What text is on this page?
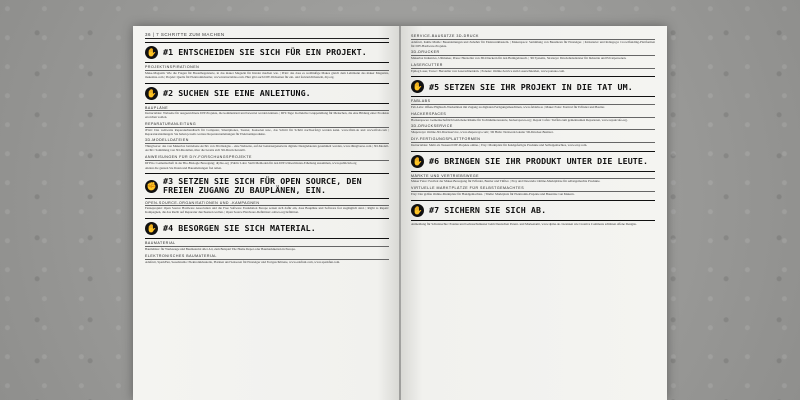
36 | 7 SCHRITTE ZUM MACHEN
✋ #1 ENTSCHEIDEN SIE SICH FÜR EIN PROJEKT.
PROJEKTINSPIRATIONEN
Make-Magazin: Wie die Fragen für Bastelbegeisterte, in das maker Magazin für Kinder machen wie. | Print: das dass es weitläufige Makes gleich dem Lehrmann das maker Magazins, makezine.com | Projekt: Quelle für Elektronikbastler, www.instructables.com. Hier gibt auch DIY-Webseiten für ein- und fortzurichtbasteln, diy.org.
✋ #2 SUCHEN SIE EINE ANLEITUNG.
BAUPLÄNE
Instructables: Webseite für ausgezeichnete DIY-Projekte, die kommentiert und bewertet werden können. | DIY-Tage: Kollektive Gruppentilung für Menschen, die eine Bildung einer Produkte erreichen wollen.
REPARATURANLEITUNG
iFixit: Das weltweite Reparaturhandbuch für Computer, Smartphones, Toaster, Konsolen usw., das Schritt für Schritt nachverfolgt werden kann. www.ifixit.de und www.ifixit.com | Reparaturanleitungen: Sie haben jeweils weitere Reparaturanleitungen für Elektronikprodukte.
3D-MODELLDATEIEN
Thingiverse: das von Makerbot betriebene Archiv von 3D-Designs – eine Webseite, auf der benutzergenerierte digitale Designdateien gesammelt werden, www.thingiverse.com | 3D-Modell-Archiv: Sammlung von 3D-Modellen, über die bereits sich 3D-Druck herstellt.
ANWEISUNGEN FÜR DIY-FORSCHUNGSPROJEKTE
DIYbio: Gemeinschaft in der Bio-Biologie Bewegung; diybio.org | Public Labs: Stellt Methoden für den DIY-Umweltdaten-Erhebung zusammen, www.publiclab.org
Aktion die ganzen Sie Daten und Bauanleitungen frei teilen.
✊ #3 SETZEN SIE SICH FÜR OPEN SOURCE, DEN FREIEN ZUGANG ZU BAUPLÄNEN, EIN.
OPEN-SOURCE-ORGANISATIONEN UND -KAMPAGNEN
Fanzeprojekt: Open Source Hardware Association und die Free Software Foundation Europe setzen sich dafür ein, dass Baupläne und Software frei zugänglich sind. | Right to Repair: Kampagnen, die das Recht auf Reparatur durchsetzen wollen. | Open Source Hardware-Definition: oshwa.org/definition.
✋ #4 BESORGEN SIE SICH MATERIAL.
BAUMATERIAL
Baumärkte: für Werkzeuge und Baumaterial aller Art, zum Beispiel The Home Depot oder Baumarktketten in Europa.
ELEKTRONISCHES BAUMATERIAL
Adafruit, SparkFun, Seeedstudio: Elektronikbauteile, Platinen und Sensoren für Einsteiger und Fortgeschrittene, www.adafruit.com, www.sparkfun.com.
SERVICE-BAUSÄTZE 3D-DRUCK
Adafruit, Kuhle Mulde: Bauanleitungen und Zubehör für Elektronikbasteln. | Makerspace: Sammlung von Bausätzen für Einsteiger. | Kickstarter und Indiegogo: Crowdfunding-Plattformen für DIY-Hardware-Projekte.
3D-DRUCKER
Makerbot Industries, Ultimaker, Prusa: Hersteller von 3D-Druckern für den Heimgebrauch. | 3D Systems, Stratasys: Druckdienstleister für Industrie und Privatpersonen.
LASERCUTTER
Epilog Laser, Trotec: Hersteller von Laserschneidern. | Ponoko: Online-Service zum Laserschneiden, www.ponoko.com.
✋ #5 SETZEN SIE IHR PROJEKT IN DIE TAT UM.
FABLABS
Fab-Labs: Offene Hightech-Werkstätten mit Zugang zu digitalen Fertigungsmaschinen, www.fablabs.io | Maker Faire: Festival für Erfinder und Bastler.
HACKERSPACES
Hackerspaces: Gemeinschaftlich betriebene Räume für Technikinteressierte, hackerspaces.org | Repair Cafés: Treffen zum gemeinsamen Reparieren, www.repaircafe.org.
3D-DRUCKSERVICE
Shapeways: Online-3D-Druckservice, www.shapeways.com | 3D Hubs: Netzwerk lokaler 3D-Drucker-Besitzer.
DIY-FERTIGUNGSPLATTFORMEN
Instructables: Mehr als Tausend DIY-Projekte online. | Etsy: Marktplatz für handgefertigte Produkte und Selbstgemachtes, www.etsy.com.
✋ #6 BRINGEN SIE IHR PRODUKT UNTER DIE LEUTE.
MÄRKTE UND VERTRIEBSWEGE
Maker Faire: Festival der Maker-Bewegung für Erfinder, Bastler und Tüftler. | Etsy und Dawanda: Online-Marktplätze für selbstgemachte Produkte.
VIRTUELLE MARKTPLÄTZE FÜR SELBSTGEMACHTES
Etsy: Der größte Online-Marktplatz für Handgemachtes. | Tindie: Marktplatz für Elektronik-Projekte und Bausätze von Makern.
✋ #7 SICHERN SIE SICH AB.
Anmeldung für Schutzrechte: Patente und Gebrauchsmuster beim Deutschen Patent- und Markenamt, www.dpma.de. Lizenzen wie Creative Commons schützen offene Designs.
